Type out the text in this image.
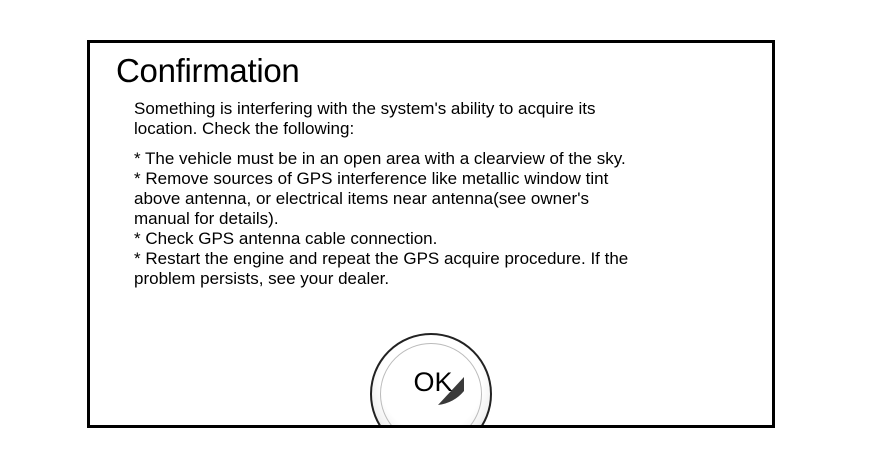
Confirmation

Something is interfering with the system's ability to acquire its location. Check the following:

* The vehicle must be in an open area with a clearview of the sky.
* Remove sources of GPS interference like metallic window tint above antenna, or electrical items near antenna(see owner's manual for details).
* Check GPS antenna cable connection.
* Restart the engine and repeat the GPS acquire procedure. If the problem persists, see your dealer.
OK
